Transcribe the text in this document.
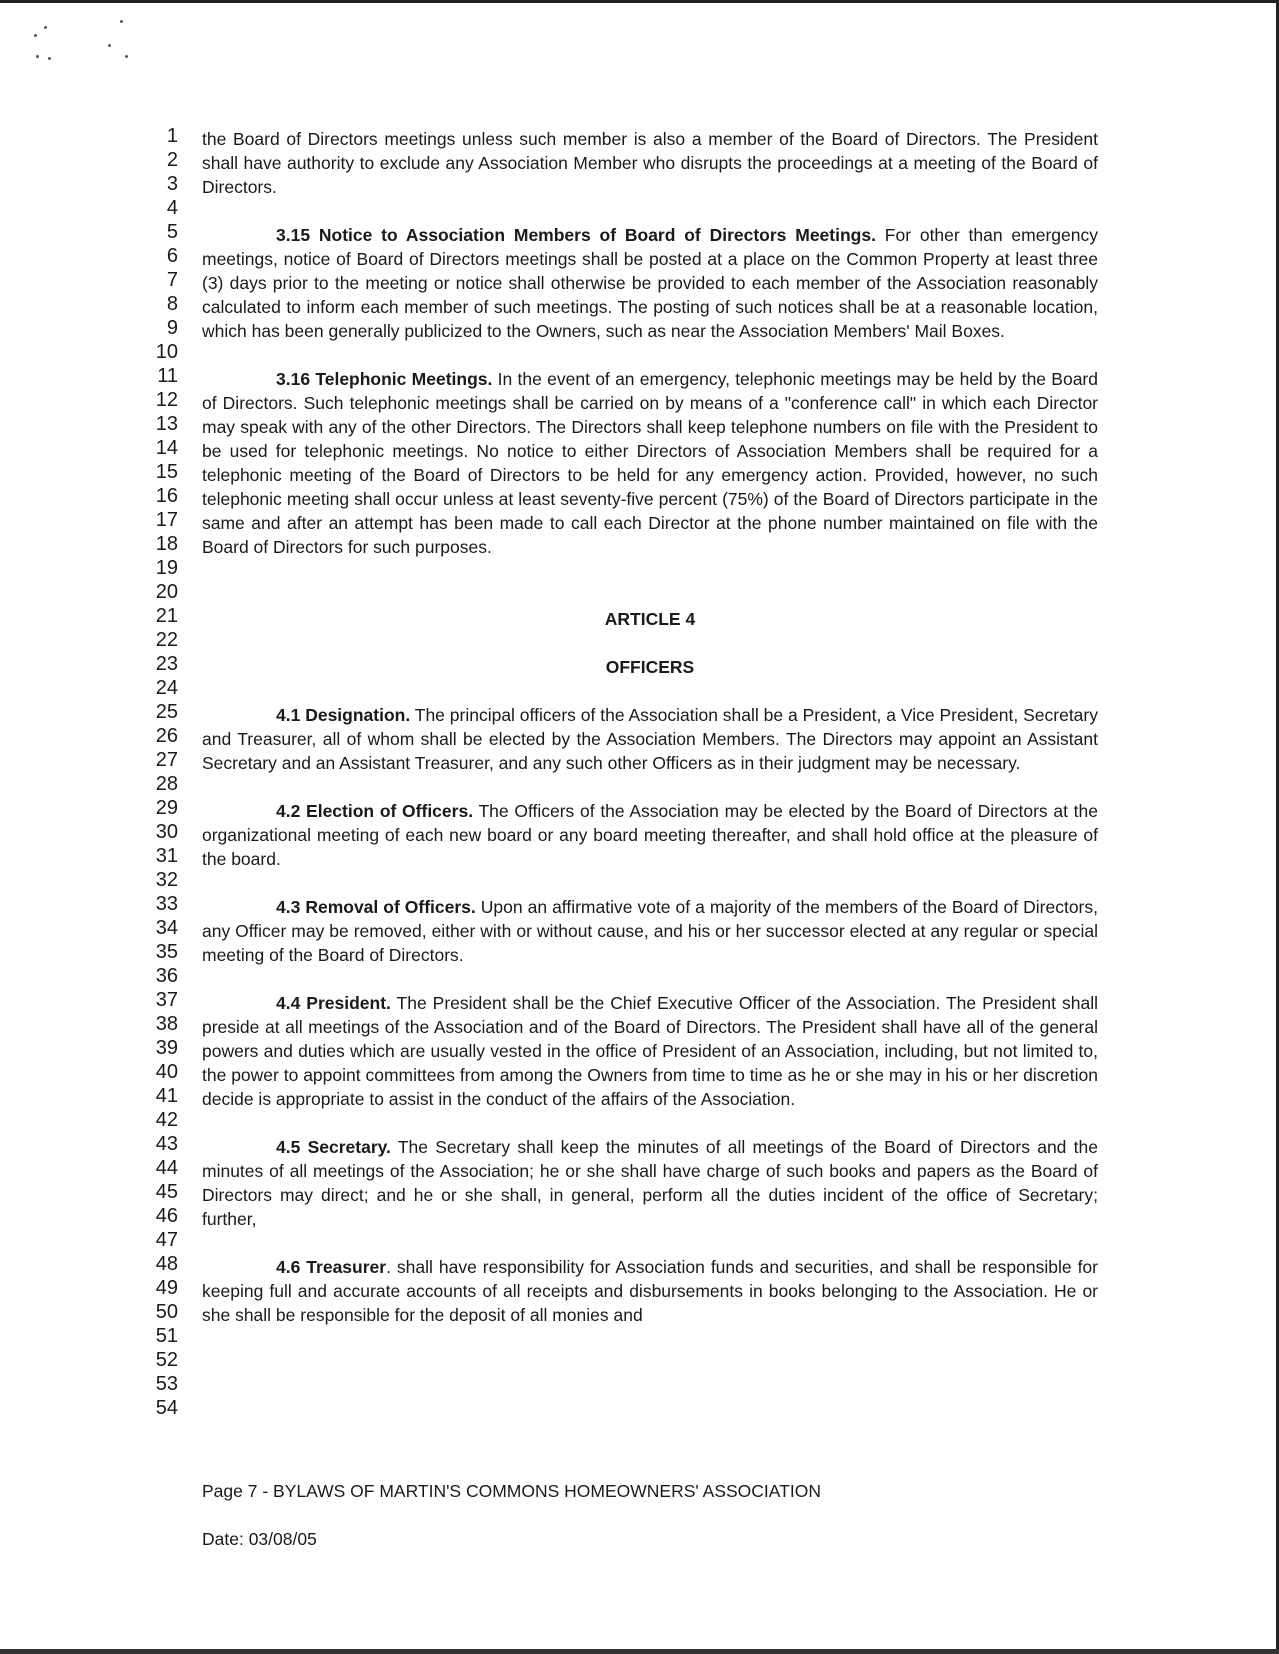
1
2
3
4
5
6
7
8
9
10
11
12
13
14
15
16
17
18
19
20
21
22
23
24
25
26
27
28
29
30
31
32
33
34
35
36
37
38
39
40
41
42
43
44
45
46
47
48
49
50
51
52
53
54

the Board of Directors meetings unless such member is also a member of the Board of Directors. The President shall have authority to exclude any Association Member who disrupts the proceedings at a meeting of the Board of Directors.

3.15 Notice to Association Members of Board of Directors Meetings. For other than emergency meetings, notice of Board of Directors meetings shall be posted at a place on the Common Property at least three (3) days prior to the meeting or notice shall otherwise be provided to each member of the Association reasonably calculated to inform each member of such meetings. The posting of such notices shall be at a reasonable location, which has been generally publicized to the Owners, such as near the Association Members' Mail Boxes.

3.16 Telephonic Meetings. In the event of an emergency, telephonic meetings may be held by the Board of Directors. Such telephonic meetings shall be carried on by means of a "conference call" in which each Director may speak with any of the other Directors. The Directors shall keep telephone numbers on file with the President to be used for telephonic meetings. No notice to either Directors of Association Members shall be required for a telephonic meeting of the Board of Directors to be held for any emergency action. Provided, however, no such telephonic meeting shall occur unless at least seventy-five percent (75%) of the Board of Directors participate in the same and after an attempt has been made to call each Director at the phone number maintained on file with the Board of Directors for such purposes.

ARTICLE 4

OFFICERS

4.1 Designation. The principal officers of the Association shall be a President, a Vice President, Secretary and Treasurer, all of whom shall be elected by the Association Members. The Directors may appoint an Assistant Secretary and an Assistant Treasurer, and any such other Officers as in their judgment may be necessary.

4.2 Election of Officers. The Officers of the Association may be elected by the Board of Directors at the organizational meeting of each new board or any board meeting thereafter, and shall hold office at the pleasure of the board.

4.3 Removal of Officers. Upon an affirmative vote of a majority of the members of the Board of Directors, any Officer may be removed, either with or without cause, and his or her successor elected at any regular or special meeting of the Board of Directors.

4.4 President. The President shall be the Chief Executive Officer of the Association. The President shall preside at all meetings of the Association and of the Board of Directors. The President shall have all of the general powers and duties which are usually vested in the office of President of an Association, including, but not limited to, the power to appoint committees from among the Owners from time to time as he or she may in his or her discretion decide is appropriate to assist in the conduct of the affairs of the Association.

4.5 Secretary. The Secretary shall keep the minutes of all meetings of the Board of Directors and the minutes of all meetings of the Association; he or she shall have charge of such books and papers as the Board of Directors may direct; and he or she shall, in general, perform all the duties incident of the office of Secretary; further,

4.6 Treasurer. shall have responsibility for Association funds and securities, and shall be responsible for keeping full and accurate accounts of all receipts and disbursements in books belonging to the Association. He or she shall be responsible for the deposit of all monies and

Page 7 - BYLAWS OF MARTIN'S COMMONS HOMEOWNERS' ASSOCIATION
Date: 03/08/05
